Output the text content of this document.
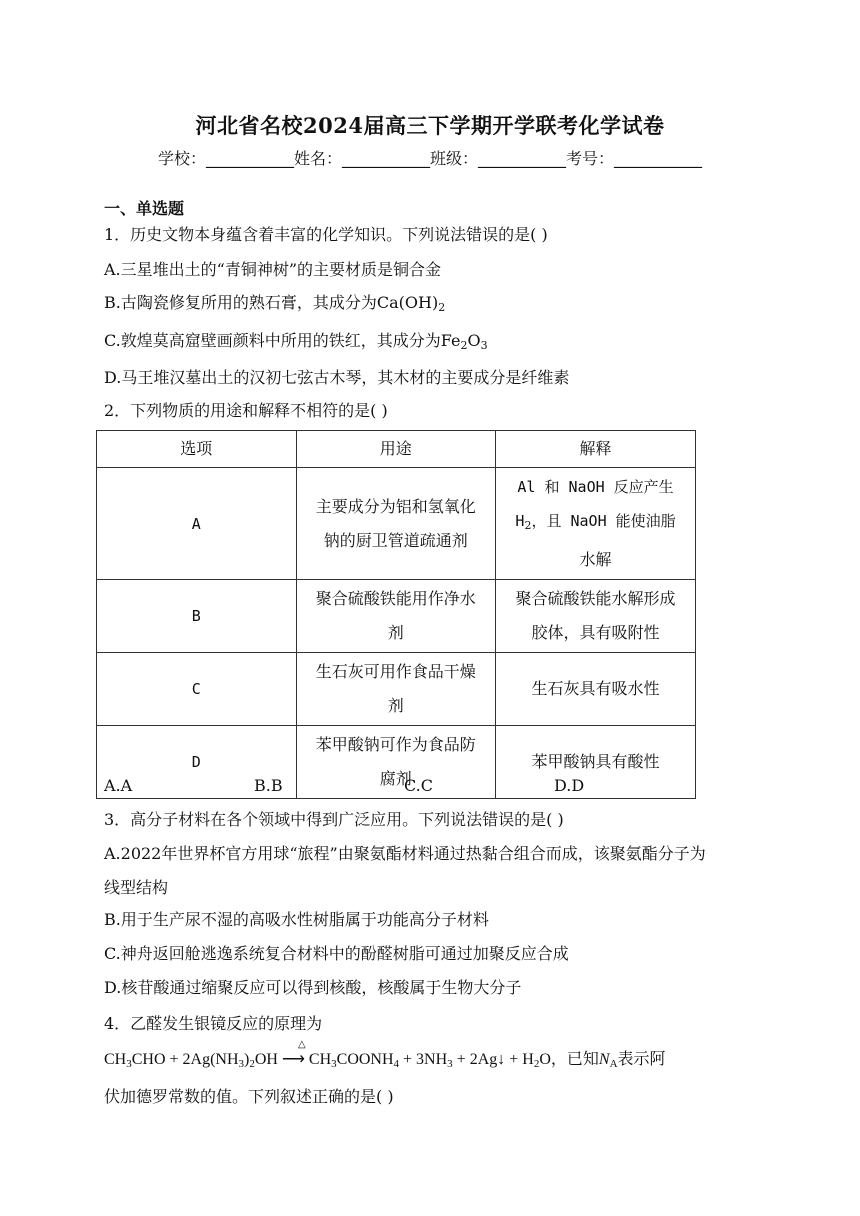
河北省名校2024届高三下学期开学联考化学试卷
学校：___________姓名：___________班级：___________考号：___________
一、单选题
1．历史文物本身蕴含着丰富的化学知识。下列说法错误的是( )
A.三星堆出土的“青铜神树”的主要材质是铜合金
B.古陶瓷修复所用的熟石膏，其成分为$Ca(OH)_2$
C.敦煌莫高窟壁画颜料中所用的铁红，其成分为$Fe_2O_3$
D.马王堆汉墓出土的汉初七弦古木琴，其木材的主要成分是纤维素
2．下列物质的用途和解释不相符的是( )
选项	用途	解释
A	主要成分为铝和氢氧化
钠的厨卫管道疏通剂	Al 和 NaOH 反应产生
$H_2$，且 NaOH 能使油脂
水解
B	聚合硫酸铁能用作净水
剂	聚合硫酸铁能水解形成
胶体，具有吸附性
C	生石灰可用作食品干燥
剂	生石灰具有吸水性
D	苯甲酸钠可作为食品防
腐剂	苯甲酸钠具有酸性
A.A	B.B	C.C	D.D
3．高分子材料在各个领域中得到广泛应用。下列说法错误的是( )
A.2022年世界杯官方用球“旅程”由聚氨酯材料通过热黏合组合而成，该聚氨酯分子为
线型结构
B.用于生产尿不湿的高吸水性树脂属于功能高分子材料
C.神舟返回舱逃逸系统复合材料中的酚醛树脂可通过加聚反应合成
D.核苷酸通过缩聚反应可以得到核酸，核酸属于生物大分子
4．乙醛发生银镜反应的原理为
$CH_3CHO + 2Ag(NH_3)_2OH$ ⟶
△
$CH_3COONH_4 + 3NH_3$ + 2Ag↓ + $H_2O$，已知$N_A$表示阿
伏加德罗常数的值。下列叙述正确的是( )
